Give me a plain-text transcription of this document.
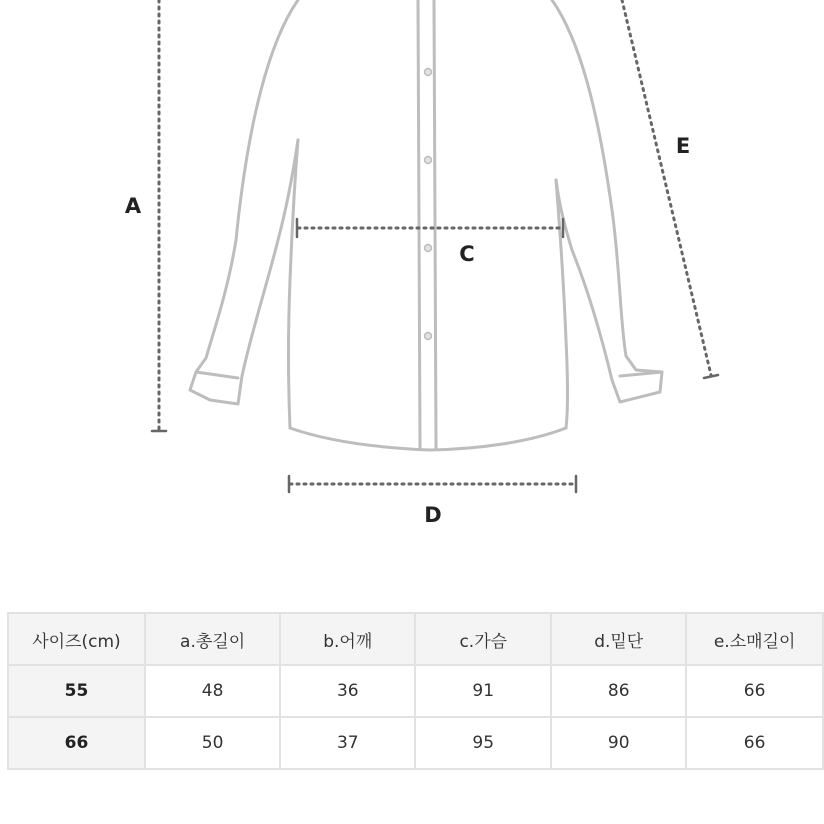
A
C
D
E
사이즈(cm)	a.총길이	b.어깨	c.가슴	d.밑단	e.소매길이
55	48	36	91	86	66
66	50	37	95	90	66
